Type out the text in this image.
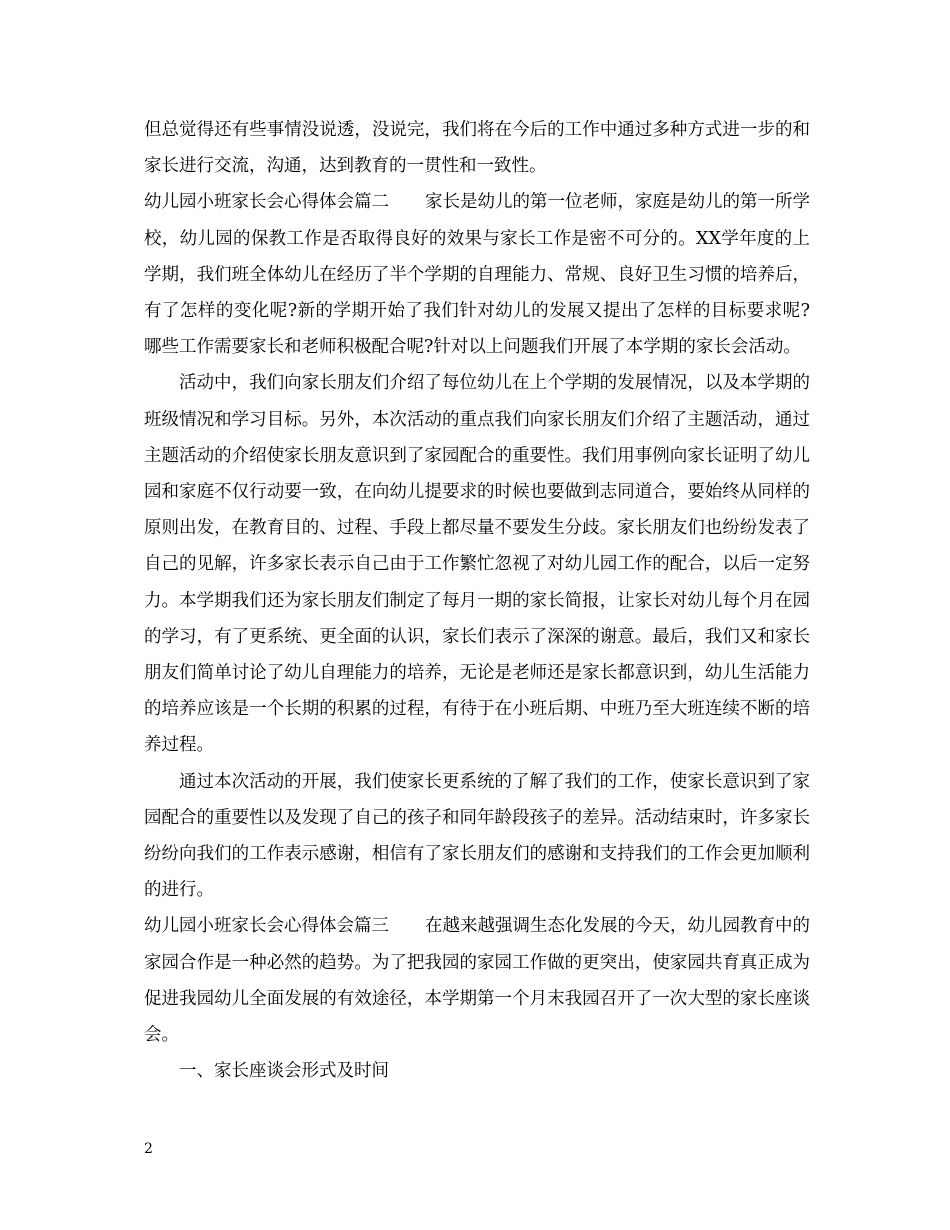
但总觉得还有些事情没说透，没说完，我们将在今后的工作中通过多种方式进一步的和家长进行交流，沟通，达到教育的一贯性和一致性。

幼儿园小班家长会心得体会篇二 家长是幼儿的第一位老师，家庭是幼儿的第一所学校，幼儿园的保教工作是否取得良好的效果与家长工作是密不可分的。XX学年度的上学期，我们班全体幼儿在经历了半个学期的自理能力、常规、良好卫生习惯的培养后，有了怎样的变化呢?新的学期开始了我们针对幼儿的发展又提出了怎样的目标要求呢?哪些工作需要家长和老师积极配合呢?针对以上问题我们开展了本学期的家长会活动。

活动中，我们向家长朋友们介绍了每位幼儿在上个学期的发展情况，以及本学期的班级情况和学习目标。另外，本次活动的重点我们向家长朋友们介绍了主题活动，通过主题活动的介绍使家长朋友意识到了家园配合的重要性。我们用事例向家长证明了幼儿园和家庭不仅行动要一致，在向幼儿提要求的时候也要做到志同道合，要始终从同样的原则出发，在教育目的、过程、手段上都尽量不要发生分歧。家长朋友们也纷纷发表了自己的见解，许多家长表示自己由于工作繁忙忽视了对幼儿园工作的配合，以后一定努力。本学期我们还为家长朋友们制定了每月一期的家长简报，让家长对幼儿每个月在园的学习，有了更系统、更全面的认识，家长们表示了深深的谢意。最后，我们又和家长朋友们简单讨论了幼儿自理能力的培养，无论是老师还是家长都意识到，幼儿生活能力的培养应该是一个长期的积累的过程，有待于在小班后期、中班乃至大班连续不断的培养过程。

通过本次活动的开展，我们使家长更系统的了解了我们的工作，使家长意识到了家园配合的重要性以及发现了自己的孩子和同年龄段孩子的差异。活动结束时，许多家长纷纷向我们的工作表示感谢，相信有了家长朋友们的感谢和支持我们的工作会更加顺利的进行。

幼儿园小班家长会心得体会篇三 在越来越强调生态化发展的今天，幼儿园教育中的家园合作是一种必然的趋势。为了把我园的家园工作做的更突出，使家园共育真正成为促进我园幼儿全面发展的有效途径，本学期第一个月末我园召开了一次大型的家长座谈会。

一、家长座谈会形式及时间

2
